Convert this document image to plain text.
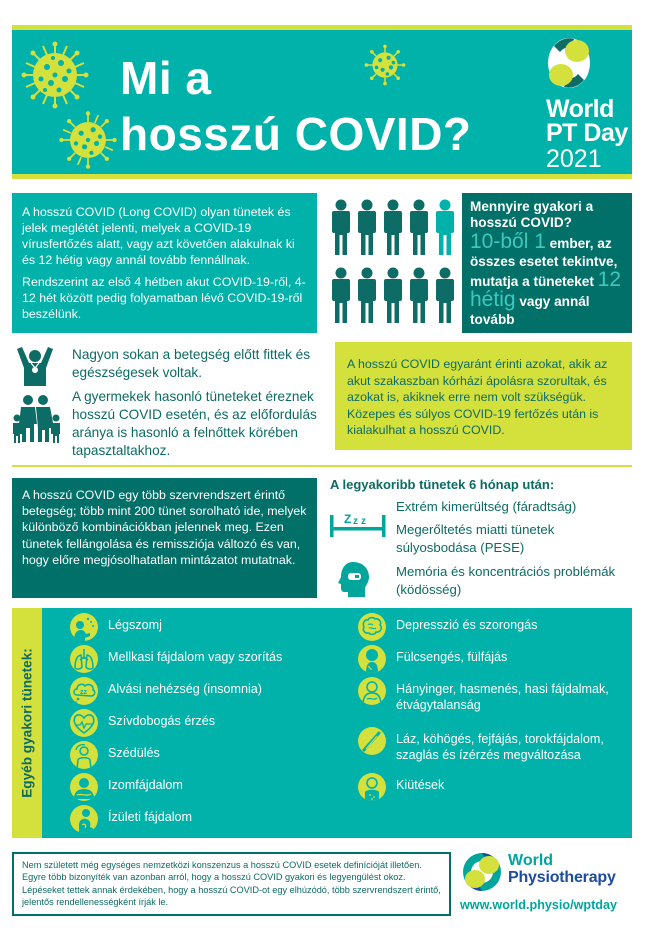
Mi a
hosszú COVID?	World
PT Day
2021

A hosszú COVID (Long COVID) olyan tünetek és jelek meglétét jelenti, melyek a COVID-19 vírusfertőzés alatt, vagy azt követően alakulnak ki és 12 hétig vagy annál tovább fennállnak.

Rendszerint az első 4 hétben akut COVID-19-ről, 4-12 hét között pedig folyamatban lévő COVID-19-ről beszélünk.

Mennyire gyakori a hosszú COVID?
10-ből 1 ember, az összes esetet tekintve, mutatja a tüneteket 12 hétig vagy annál tovább
Nagyon sokan a betegség előtt fittek és egészségesek voltak.
A gyermekek hasonló tüneteket éreznek hosszú COVID esetén, és az előfordulás aránya is hasonló a felnőttek körében tapasztaltakhoz.
A hosszú COVID egyaránt érinti azokat, akik az akut szakaszban kórházi ápolásra szorultak, és azokat is, akiknek erre nem volt szükségük. Közepes és súlyos COVID-19 fertőzés után is kialakulhat a hosszú COVID.
A hosszú COVID egy több szervrendszert érintő betegség; több mint 200 tünet sorolható ide, melyek különböző kombinációkban jelennek meg. Ezen tünetek fellángolása és remissziója változó és van, hogy előre megjósolhatatlan mintázatot mutatnak.
A legyakoribb tünetek 6 hónap után:
Z z z
Extrém kimerültség (fáradtság)
Megerőltetés miatti tünetek súlyosbodása (PESE)
Memória és koncentrációs problémák (ködösség)
Egyéb gyakori tünetek:
Légszomj
Mellkasi fájdalom vagy szorítás
zz Alvási nehézség (insomnia)
Szívdobogás érzés
Szédülés
Izomfájdalom
Ízületi fájdalom
Depresszió és szorongás
Fülcsengés, fülfájás
Hányinger, hasmenés, hasi fájdalmak, étvágytalanság
Láz, köhögés, fejfájás, torokfájdalom, szaglás és ízérzés megváltozása
Kiütések
Nem született még egységes nemzetközi konszenzus a hosszú COVID esetek definícióját illetően. Egyre több bizonyíték van azonban arról, hogy a hosszú COVID gyakori és legyengülést okoz. Lépéseket tettek annak érdekében, hogy a hosszú COVID-ot egy elhúzódó, több szervrendszert érintő, jelentős rendellenességként írják le.
World
Physiotherapy
www.world.physio/wptday
